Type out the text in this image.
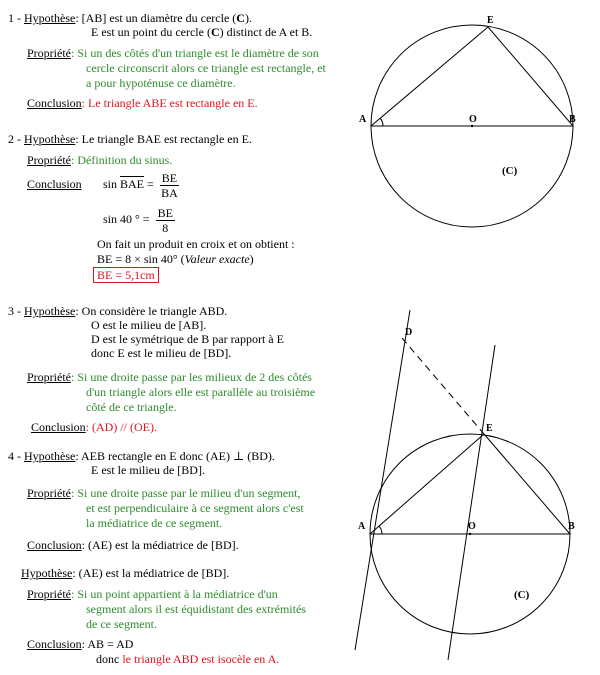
1 - Hypothèse: [AB] est un diamètre du cercle (C).
E est un point du cercle (C) distinct de A et B.
Propriété: Si un des côtés d'un triangle est le diamètre de son
cercle circonscrit alors ce triangle est rectangle, et
a pour hypoténuse ce diamètre.
Conclusion: Le triangle ABE est rectangle en E.
2 - Hypothèse: Le triangle BAE est rectangle en E.
Propriété: Définition du sinus.
Conclusion $\sin \overline{BAE} = \frac{BE}{BA}$
sin 40 ° = $\frac{BE}{8}$
On fait un produit en croix et on obtient :
BE = 8 × sin 40° (Valeur exacte)
BE = 5,1cm
3 - Hypothèse: On considère le triangle ABD.
O est le milieu de [AB].
D est le symétrique de B par rapport à E
donc E est le milieu de [BD].
Propriété: Si une droite passe par les milieux de 2 des côtés
d'un triangle alors elle est parallèle au troisième
côté de ce triangle.
Conclusion: (AD) // (OE).
4 - Hypothèse: AEB rectangle en E donc (AE) ⊥ (BD).
E est le milieu de [BD].
Propriété: Si une droite passe par le milieu d'un segment,
et est perpendiculaire à ce segment alors c'est
la médiatrice de ce segment.
Conclusion: (AE) est la médiatrice de [BD].
Hypothèse: (AE) est la médiatrice de [BD].
Propriété: Si un point appartient à la médiatrice d'un
segment alors il est équidistant des extrémités
de ce segment.
Conclusion: AB = AD
donc le triangle ABD est isocèle en A.
A	B
E
O
(C)
A	B
E
O
D
(C)
